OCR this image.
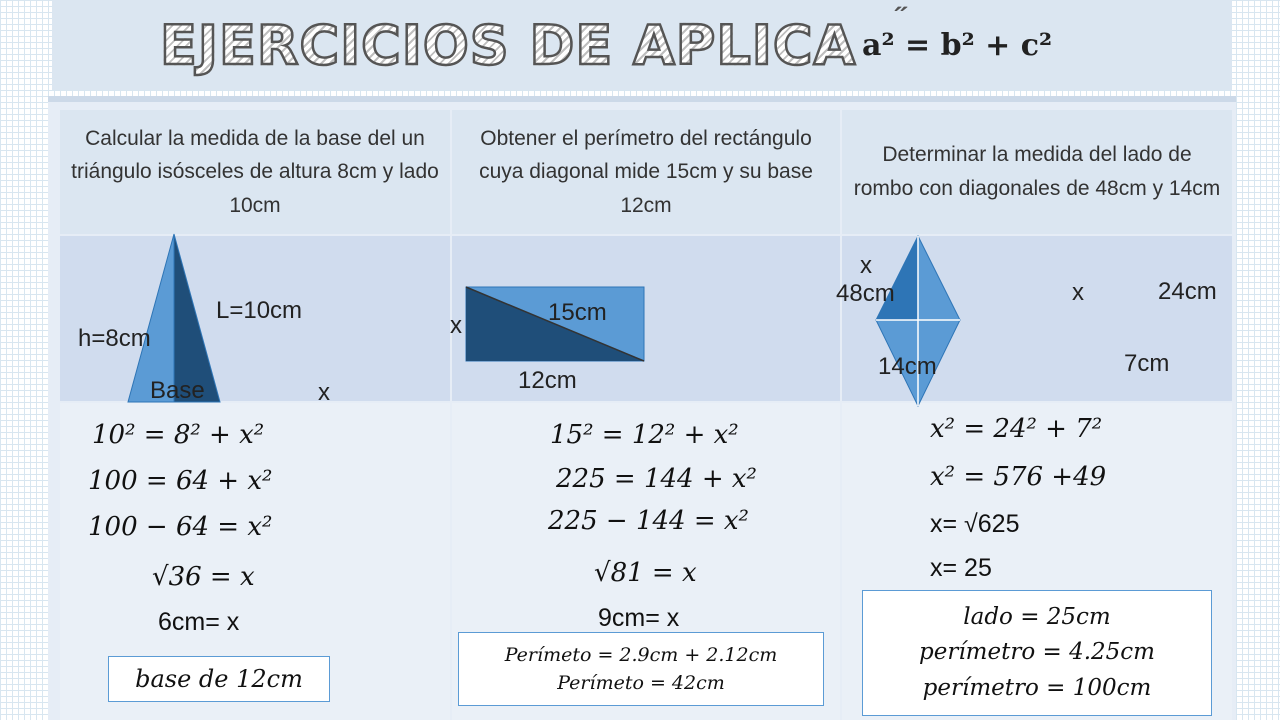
EJERCICIOS DE APLICA ˝
a² = b² + c²
Calcular la medida de la base del un triángulo isósceles de altura 8cm y lado 10cm
Obtener el perímetro del rectángulo cuya diagonal mide 15cm y su base 12cm
Determinar la medida del lado de rombo con diagonales de 48cm y 14cm
L=10cm
h=8cm
Base	x
15cm
x
12cm
x
48cm	x	24cm
14cm	7cm
10² = 8² + x²
100 = 64 + x²
100 − 64 = x²
√36 = x
6cm= x
base de 12cm
15² = 12² + x²
225 = 144 + x²
225 − 144 = x²
√81 = x
9cm= x
Perímeto = 2.9cm + 2.12cm
Perímeto = 42cm
x² = 24² + 7²
x² = 576 +49
x= √625
x= 25
lado = 25cm
perímetro = 4.25cm
perímetro = 100cm
